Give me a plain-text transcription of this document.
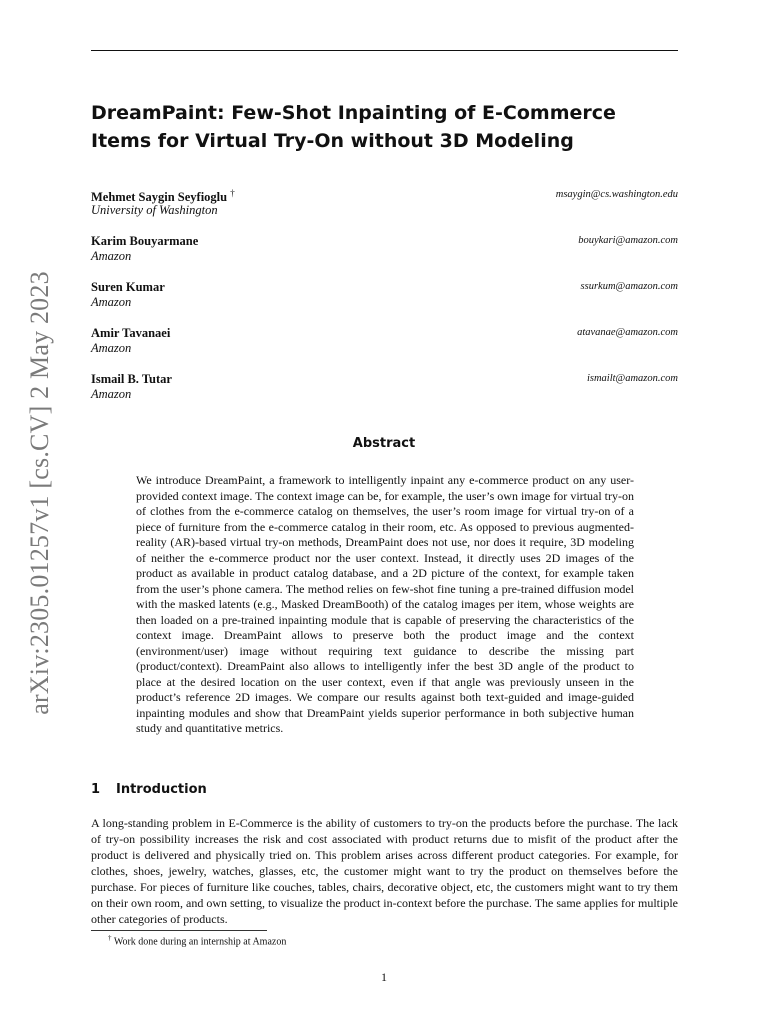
arXiv:2305.01257v1 [cs.CV] 2 May 2023
DreamPaint: Few-Shot Inpainting of E-Commerce Items for Virtual Try-On without 3D Modeling
Mehmet Saygin Seyfioglu †
University of Washington
msaygin@cs.washington.edu
Karim Bouyarmane
Amazon
bouykari@amazon.com
Suren Kumar
Amazon
ssurkum@amazon.com
Amir Tavanaei
Amazon
atavanae@amazon.com
Ismail B. Tutar
Amazon
ismailt@amazon.com
Abstract

We introduce DreamPaint, a framework to intelligently inpaint any e-commerce product on any user-provided context image. The context image can be, for example, the user’s own image for virtual try-on of clothes from the e-commerce catalog on themselves, the user’s room image for virtual try-on of a piece of furniture from the e-commerce catalog in their room, etc. As opposed to previous augmented-reality (AR)-based virtual try-on methods, DreamPaint does not use, nor does it require, 3D modeling of neither the e-commerce product nor the user context. Instead, it directly uses 2D images of the product as available in product catalog database, and a 2D picture of the context, for example taken from the user’s phone camera. The method relies on few-shot fine tuning a pre-trained diffusion model with the masked latents (e.g., Masked DreamBooth) of the catalog images per item, whose weights are then loaded on a pre-trained inpainting module that is capable of preserving the characteristics of the context image. DreamPaint allows to preserve both the product image and the context (environment/user) image without requiring text guidance to describe the missing part (product/context). DreamPaint also allows to intelligently infer the best 3D angle of the product to place at the desired location on the user context, even if that angle was previously unseen in the product’s reference 2D images. We compare our results against both text-guided and image-guided inpainting modules and show that DreamPaint yields superior performance in both subjective human study and quantitative metrics.

1 Introduction

A long-standing problem in E-Commerce is the ability of customers to try-on the products before the purchase. The lack of try-on possibility increases the risk and cost associated with product returns due to misfit of the product after the product is delivered and physically tried on. This problem arises across different product categories. For example, for clothes, shoes, jewelry, watches, glasses, etc, the customer might want to try the product on themselves before the purchase. For pieces of furniture like couches, tables, chairs, decorative object, etc, the customers might want to try them on their own room, and own setting, to visualize the product in-context before the purchase. The same applies for multiple other categories of products.

† Work done during an internship at Amazon
1
